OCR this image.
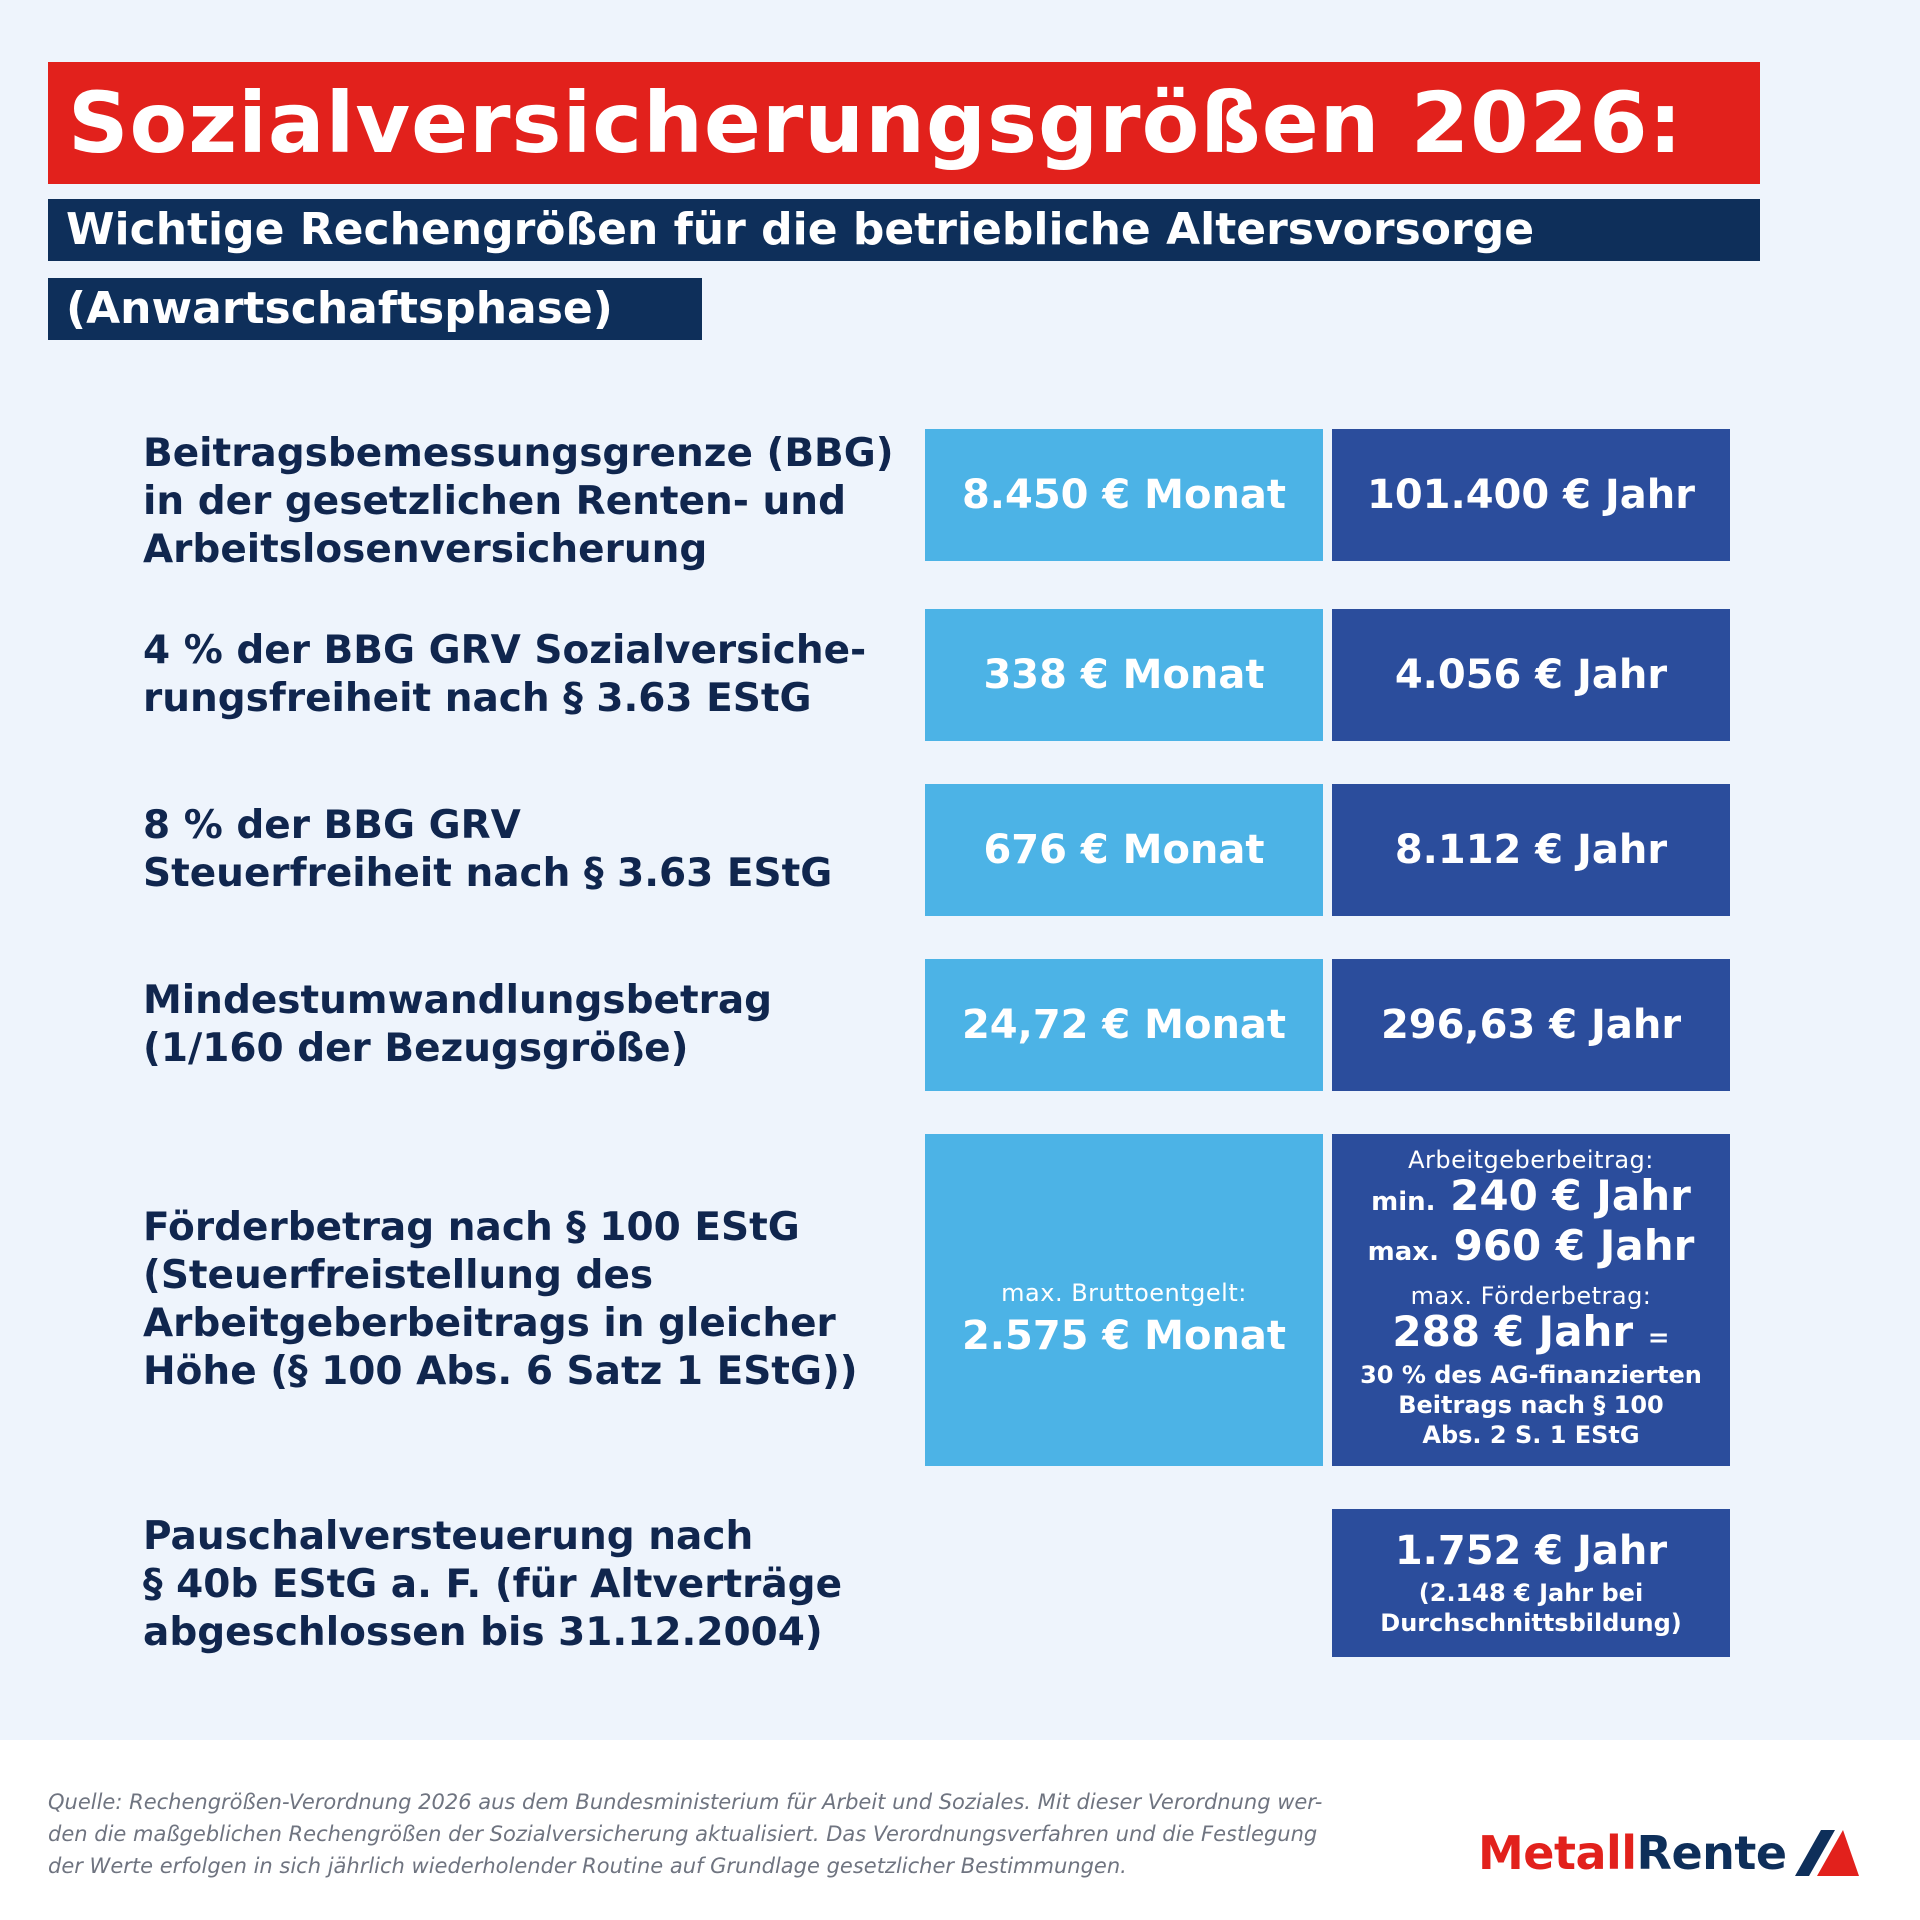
Sozialversicherungsgrößen 2026:
Wichtige Rechengrößen für die betriebliche Altersvorsorge
(Anwartschaftsphase)
Beitragsbemessungsgrenze (BBG)
in der gesetzlichen Renten- und
Arbeitslosenversicherung
8.450 € Monat 101.400 € Jahr
4 % der BBG GRV Sozialversiche-
rungsfreiheit nach § 3.63 EStG
338 € Monat	4.056 € Jahr
8 % der BBG GRV
Steuerfreiheit nach § 3.63 EStG
676 € Monat	8.112 € Jahr
Mindestumwandlungsbetrag
(1/160 der Bezugsgröße)
24,72 € Monat 296,63 € Jahr
Förderbetrag nach § 100 EStG
(Steuerfreistellung des
Arbeitgeberbeitrags in gleicher
Höhe (§ 100 Abs. 6 Satz 1 EStG))
max. Bruttoentgelt:
2.575 € Monat
Arbeitgeberbeitrag:
min. 240 € Jahr
max. 960 € Jahr
max. Förderbetrag:
288 € Jahr =
30 % des AG-finanzierten
Beitrags nach § 100
Abs. 2 S. 1 EStG
Pauschalversteuerung nach
§ 40b EStG a. F. (für Altverträge
abgeschlossen bis 31.12.2004)
1.752 € Jahr
(2.148 € Jahr bei
Durchschnittsbildung)
Quelle: Rechengrößen-Verordnung 2026 aus dem Bundesministerium für Arbeit und Soziales. Mit dieser Verordnung wer-
den die maßgeblichen Rechengrößen der Sozialversicherung aktualisiert. Das Verordnungsverfahren und die Festlegung
der Werte erfolgen in sich jährlich wiederholender Routine auf Grundlage gesetzlicher Bestimmungen.	MetallRente
